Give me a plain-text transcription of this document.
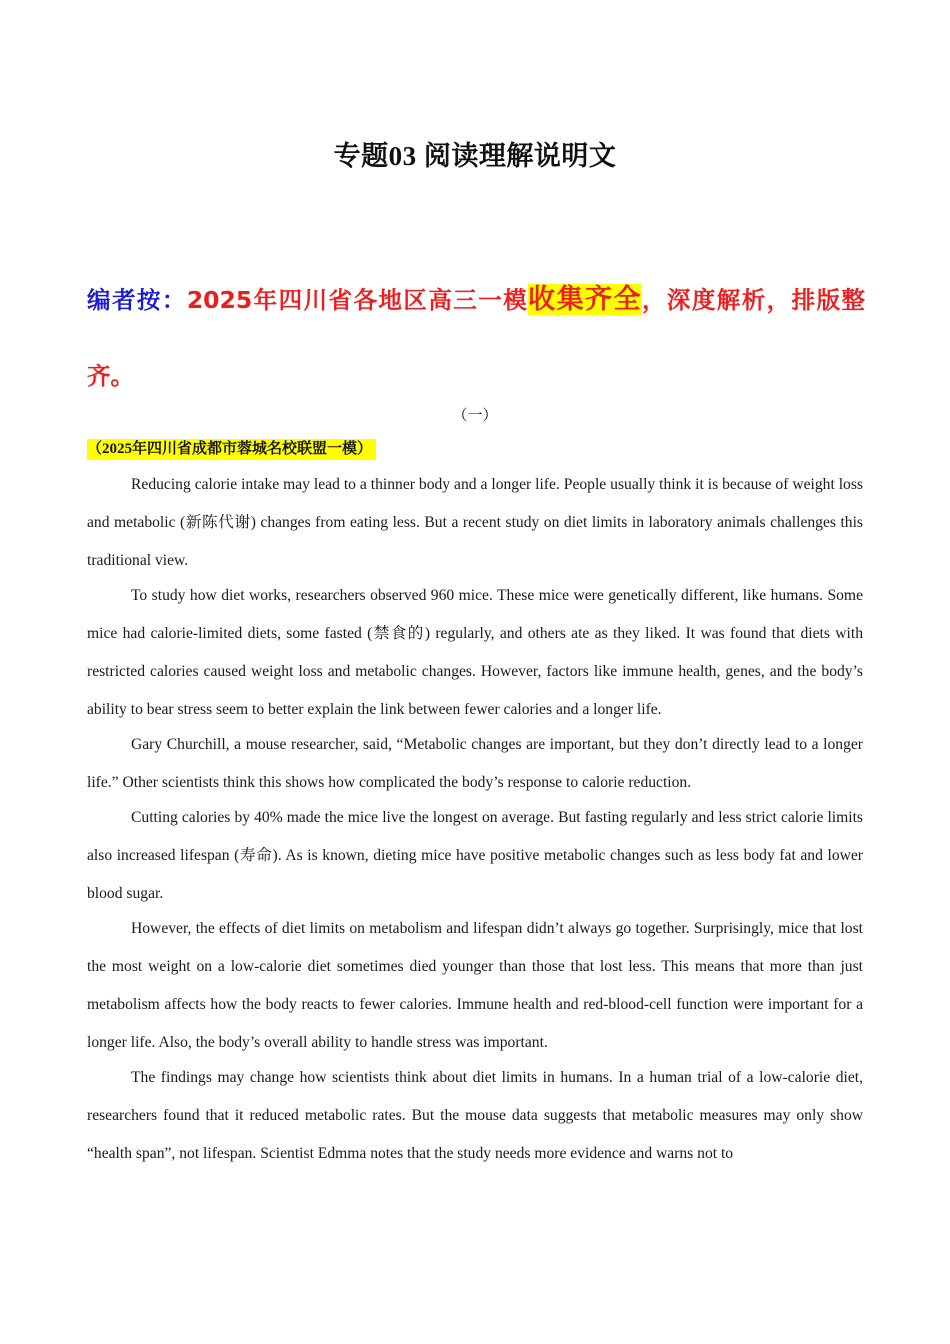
专题03 阅读理解说明文
编者按：2025年四川省各地区高三一模收集齐全，深度解析，排版整齐。
（一）
（2025年四川省成都市蓉城名校联盟一模）

Reducing calorie intake may lead to a thinner body and a longer life. People usually think it is because of weight loss and metabolic (新陈代谢) changes from eating less. But a recent study on diet limits in laboratory animals challenges this traditional view.

To study how diet works, researchers observed 960 mice. These mice were genetically different, like humans. Some mice had calorie-limited diets, some fasted (禁食的) regularly, and others ate as they liked. It was found that diets with restricted calories caused weight loss and metabolic changes. However, factors like immune health, genes, and the body’s ability to bear stress seem to better explain the link between fewer calories and a longer life.

Gary Churchill, a mouse researcher, said, “Metabolic changes are important, but they don’t directly lead to a longer life.” Other scientists think this shows how complicated the body’s response to calorie reduction.

Cutting calories by 40% made the mice live the longest on average. But fasting regularly and less strict calorie limits also increased lifespan (寿命). As is known, dieting mice have positive metabolic changes such as less body fat and lower blood sugar.

However, the effects of diet limits on metabolism and lifespan didn’t always go together. Surprisingly, mice that lost the most weight on a low-calorie diet sometimes died younger than those that lost less. This means that more than just metabolism affects how the body reacts to fewer calories. Immune health and red-blood-cell function were important for a longer life. Also, the body’s overall ability to handle stress was important.

The findings may change how scientists think about diet limits in humans. In a human trial of a low-calorie diet, researchers found that it reduced metabolic rates. But the mouse data suggests that metabolic measures may only show “health span”, not lifespan. Scientist Edmma notes that the study needs more evidence and warns not to
